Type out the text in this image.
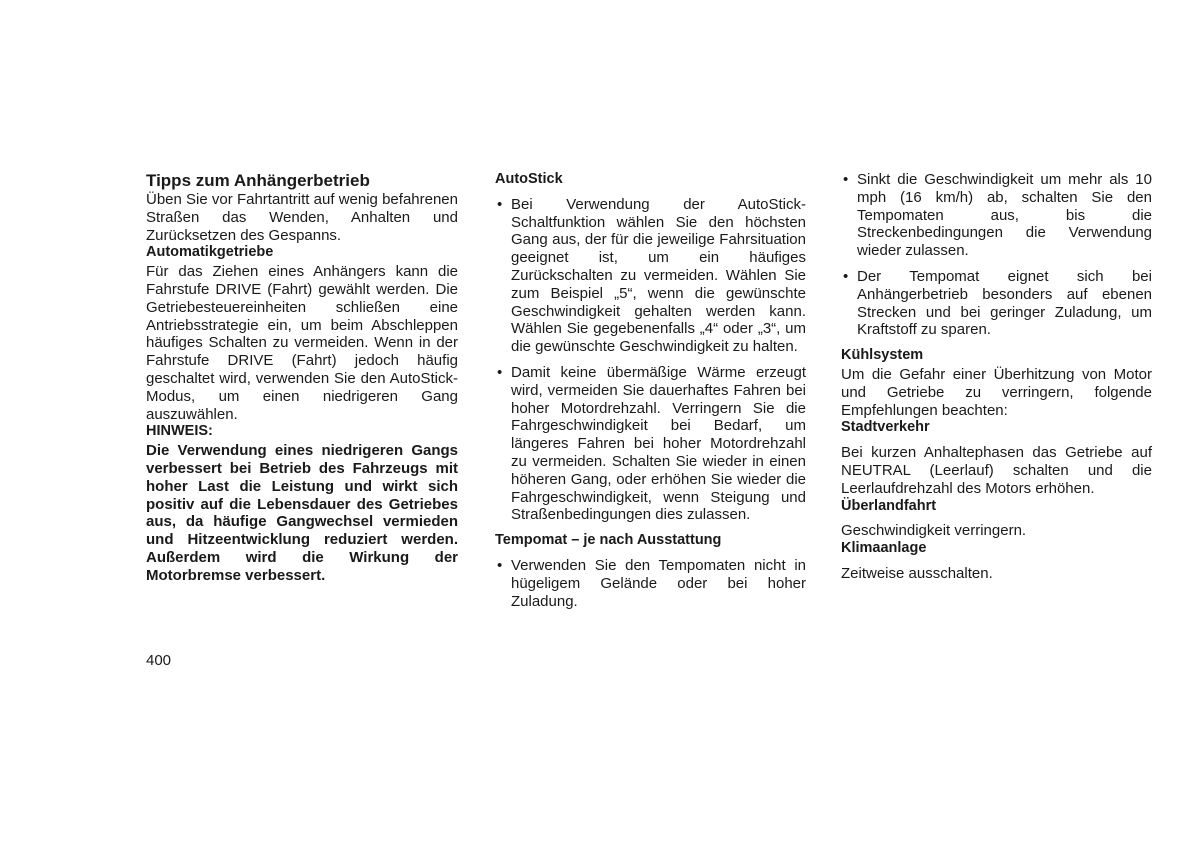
Tipps zum Anhängerbetrieb

Üben Sie vor Fahrtantritt auf wenig befahrenen Straßen das Wenden, Anhalten und Zurücksetzen des Gespanns.

Automatikgetriebe

Für das Ziehen eines Anhängers kann die Fahrstufe DRIVE (Fahrt) gewählt werden. Die Getriebesteuereinheiten schließen eine Antriebsstrategie ein, um beim Abschleppen häufiges Schalten zu vermeiden. Wenn in der Fahrstufe DRIVE (Fahrt) jedoch häufig geschaltet wird, verwenden Sie den AutoStick-Modus, um einen niedrigeren Gang auszuwählen.

HINWEIS:

Die Verwendung eines niedrigeren Gangs verbessert bei Betrieb des Fahrzeugs mit hoher Last die Leistung und wirkt sich positiv auf die Lebensdauer des Getriebes aus, da häufige Gangwechsel vermieden und Hitzeentwicklung reduziert werden. Außerdem wird die Wirkung der Motorbremse verbessert.

AutoStick
• Bei Verwendung der AutoStick-Schaltfunktion wählen Sie den höchsten Gang aus, der für die jeweilige Fahrsituation geeignet ist, um ein häufiges Zurückschalten zu vermeiden. Wählen Sie zum Beispiel „5“, wenn die gewünschte Geschwindigkeit gehalten werden kann. Wählen Sie gegebenenfalls „4“ oder „3“, um die gewünschte Geschwindigkeit zu halten.
• Damit keine übermäßige Wärme erzeugt wird, vermeiden Sie dauerhaftes Fahren bei hoher Motordrehzahl. Verringern Sie die Fahrgeschwindigkeit bei Bedarf, um längeres Fahren bei hoher Motordrehzahl zu vermeiden. Schalten Sie wieder in einen höheren Gang, oder erhöhen Sie wieder die Fahrgeschwindigkeit, wenn Steigung und Straßenbedingungen dies zulassen.
Tempomat – je nach Ausstattung
• Verwenden Sie den Tempomaten nicht in hügeligem Gelände oder bei hoher Zuladung.
• Sinkt die Geschwindigkeit um mehr als 10 mph (16 km/h) ab, schalten Sie den Tempomaten aus, bis die Streckenbedingungen die Verwendung wieder zulassen.
• Der Tempomat eignet sich bei Anhängerbetrieb besonders auf ebenen Strecken und bei geringer Zuladung, um Kraftstoff zu sparen.
Kühlsystem

Um die Gefahr einer Überhitzung von Motor und Getriebe zu verringern, folgende Empfehlungen beachten:

Stadtverkehr

Bei kurzen Anhaltephasen das Getriebe auf NEUTRAL (Leerlauf) schalten und die Leerlaufdrehzahl des Motors erhöhen.

Überlandfahrt

Geschwindigkeit verringern.

Klimaanlage

Zeitweise ausschalten.

400
